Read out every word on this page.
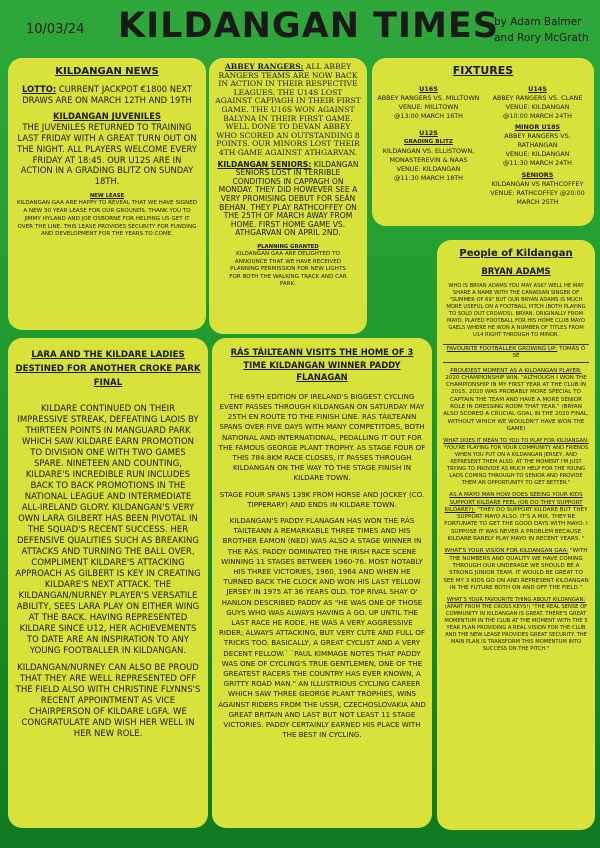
10/03/24 KILDANGAN TIMES
by Adam Balmer
and Rory McGrath
KILDANGAN NEWS
LOTTO: CURRENT JACKPOT €1800 NEXT DRAWS ARE ON MARCH 12TH AND 19TH
KILDANGAN JUVENILES
THE JUVENILES RETURNED TO TRAINING LAST FRIDAY WITH A GREAT TURN OUT ON THE NIGHT. ALL PLAYERS WELCOME EVERY FRIDAY AT 18:45. OUR U12S ARE IN ACTION IN A GRADING BLITZ ON SUNDAY 18TH.
NEW LEASE
KILDANGAN GAA ARE HAPPY TO REVEAL THAT WE HAVE SIGNED A NEW 30 YEAR LEASE FOR OUR GROUNDS. THANK YOU TO JIMMY HYLAND AND JOE OSBORNE FOR HELPING US GET IT OVER THE LINE. THIS LEASE PROVIDES SECURITY FOR FUNDING AND DEVELOPMENT FOR THE YEARS TO COME.
ABBEY RANGERS: ALL ABBEY RANGERS TEAMS ARE NOW BACK IN ACTION IN THEIR RESPECTIVE LEAGUES. THE U14S LOST AGAINST CAPPAGH IN THEIR FIRST GAME. THE U16S WON AGAINST BALYNA IN THEIR FIRST GAME. WELL DONE TO DEVAN ABBEY WHO SCORED AN OUTSTANDING 8 POINTS. OUR MINORS LOST THEIR 4TH GAME AGAINST ATHGARVAN.
KILDANGAN SENIORS: KILDANGAN SENIORS LOST IN TERRIBLE CONDITIONS IN CAPPAGH ON MONDAY. THEY DID HOWEVER SEE A VERY PROMISING DEBUT FOR SEÁN BEHAN. THEY PLAY RATHCOFFEY ON THE 25TH OF MARCH AWAY FROM HOME. FIRST HOME GAME VS. ATHGARVAN ON APRIL 2ND.
PLANNING GRANTED
KILDANGAN GAA ARE DELIGHTED TO ANNOUNCE THAT WE HAVE RECEIVED PLANNING PERMISSION FOR NEW LIGHTS FOR BOTH THE WALKING TRACK AND CAR PARK.
FIXTURES
U16S
ABBEY RANGERS VS. MILLTOWN
VENUE: MILLTOWN
@13:00 MARCH 16TH
U14S
ABBEY RANGERS VS. CLANE
VENUE: KILDANGAN
@10:00 MARCH 24TH
U12S
GRADING BLITZ
KILDANGAN VS. ELLISTOWN, MONASTEREVIN & NAAS
VENUE: KILDANGAN
@11:30 MARCH 18TH
MINOR U18S
ABBEY RANGERS VS. RATHANGAN
VENUE: KILDANGAN
@11:30 MARCH 24TH
SENIORS
KILDANGAN VS RATHCOFFEY
VENUE: RATHCOFFEY @20:00 MARCH 25TH
People of Kildangan
BRYAN ADAMS
WHO IS BRYAN ADAMS YOU MAY ASK? WELL HE MAY SHARE A NAME WITH THE CANADIAN SINGER OF "SUMMER OF 69" BUT OUR BRYAN ADAMS IS MUCH MORE USEFUL ON A FOOTBALL PITCH (BOTH PLAYING TO SOLD OUT CROWDS). BRYAN, ORIGINALLY FROM MAYO, PLAYED FOOTBALL FOR HIS HOME CLUB MAYO GAELS WHERE HE WON A NUMBER OF TITLES FROM U14 RIGHT THROUGH TO MINOR.
FAVOURITE FOOTBALLER GROWING UP: TOMÁS Ó SÉ
PROUDEST MOMENT AS A KILDANGAN PLAYER: 2020 CHAMPIONSHIP WIN. "ALTHOUGH I WON THE CHAMPIONSHIP IN MY FIRST YEAR AT THE CLUB IN 2015, 2020 WAS PROBABLY MORE SPECIAL TO CAPTAIN THE TEAM AND HAVE A MORE SENIOR ROLE IN DRESSING ROOM THAT YEAR." (BRYAN ALSO SCORED A CRUCIAL GOAL IN THE 2020 FINAL, WITHOUT WHICH WE WOULDN'T HAVE WON THE GAME)
WHAT DOES IT MEAN TO YOU TO PLAY FOR KILDANGAN: "YOU'RE PLAYING FOR YOUR COMMUNITY AND FRIENDS WHEN YOU PUT ON A KILDANGAN JERSEY, AND REPRESENT THEM ALSO. AT THE MOMENT I'M JUST TRYING TO PROVIDE AS MUCH HELP FOR THE YOUNG LADS COMING THROUGH TO SENIOR AND PROVIDE THEM AN OPPORTUNITY TO GET BETTER."
AS A MAYO MAN HOW DOES SEEING YOUR KIDS SUPPORT KILDARE FEEL (OR DO THEY SUPPORT KILDARE?): "THEY DO SUPPORT KILDARE BUT THEY SUPPORT MAYO ALSO. IT'S A MIX. THEY'RE FORTUNATE TO GET THE GOOD DAYS WITH MAYO. I SUPPOSE IT WAS NEVER A PROBLEM BECAUSE KILDARE RARELY PLAY MAYO IN RECENT YEARS. "
WHAT'S YOUR VISION FOR KILDANGAN GAA: "WITH THE NUMBERS AND QUALITY WE HAVE COMING THROUGH OUR UNDERAGE WE SHOULD BE A STRONG JUNIOR TEAM. IT WOULD BE GREAT TO SEE MY 3 KIDS GO ON AND REPRESENT KILDANGAN IN THE FUTURE BOTH ON AND OFF THE FIELD."
WHAT'S YOUR FAVOURITE THING ABOUT KILDANGAN: (APART FROM THE CROSS KEYS!) "THE REAL SENSE OF COMMUNITY IN KILDANGAN IS GREAT. THERE'S GREAT MOMENTUM IN THE CLUB AT THE MOMENT WITH THE 5 YEAR PLAN PROVIDING A REAL VISION FOR THE CLUB AND THE NEW LEASE PROVIDES GREAT SECURITY. THE MAIN PLAN IS TRANSFORM THIS MOMENTUM INTO SUCCESS ON THE PITCH."
LARA AND THE KILDARE LADIES DESTINED FOR ANOTHER CROKE PARK FINAL
KILDARE CONTINUED ON THEIR IMPRESSIVE STREAK, DEFEATING LAOIS BY THIRTEEN POINTS IN MANGUARD PARK WHICH SAW KILDARE EARN PROMOTION TO DIVISION ONE WITH TWO GAMES SPARE. NINETEEN AND COUNTING, KILDARE'S INCREDIBLE RUN INCLUDES BACK TO BACK PROMOTIONS IN THE NATIONAL LEAGUE AND INTERMEDIATE ALL-IRELAND GLORY. KILDANGAN'S VERY OWN LARA GILBERT HAS BEEN PIVOTAL IN THE SQUAD'S RECENT SUCCESS. HER DEFENSIVE QUALITIES SUCH AS BREAKING ATTACKS AND TURNING THE BALL OVER, COMPLIMENT KILDARE'S ATTACKING APPROACH AS GILBERT IS KEY IN CREATING KILDARE'S NEXT ATTACK. THE KILDANGAN/NURNEY PLAYER'S VERSATILE ABILITY, SEES LARA PLAY ON EITHER WING AT THE BACK. HAVING REPRESENTED KILDARE SINCE U12, HER ACHIEVEMENTS TO DATE ARE AN INSPIRATION TO ANY YOUNG FOOTBALLER IN KILDANGAN.
KILDANGAN/NURNEY CAN ALSO BE PROUD THAT THEY ARE WELL REPRESENTED OFF THE FIELD ALSO WITH CHRISTINE FLYNNS'S RECENT APPOINTMENT AS VICE CHAIRPERSON OF KILDARE LGFA. WE CONGRATULATE AND WISH HER WELL IN HER NEW ROLE.
RÁS TÁILTEANN VISITS THE HOME OF 3 TIME KILDANGAN WINNER PADDY FLANAGAN
THE 69TH EDITION OF IRELAND'S BIGGEST CYCLING EVENT PASSES THROUGH KILDANGAN ON SATURDAY MAY 25TH EN ROUTE TO THE FINISH LINE. RÁS TÁILTEANN SPANS OVER FIVE DAYS WITH MANY COMPETITORS, BOTH NATIONAL AND INTERNATIONAL, PEDALLING IT OUT FOR THE FAMOUS GEORGE PLANT TROPHY. AS STAGE FOUR OF THIS 784.8KM RACE CLOSES, IT PASSES THROUGH KILDANGAN ON THE WAY TO THE STAGE FINISH IN KILDARE TOWN.
STAGE FOUR SPANS 139K FROM HORSE AND JOCKEY (CO. TIPPERARY) AND ENDS IN KILDARE TOWN.
KILDANGAN'S PADDY FLANAGAN HAS WON THE RÁS TÁILTEANN A REMARKABLE THREE TIMES AND HIS BROTHER EAMON (NED) WAS ALSO A STAGE WINNER IN THE RÁS. PADDY DOMINATED THE IRISH RACE SCENE WINNING 11 STAGES BETWEEN 1960-76. MOST NOTABLY HIS THREE VICTORIES, 1960, 1964 AND WHEN HE TURNED BACK THE CLOCK AND WON HIS LAST YELLOW JERSEY IN 1975 AT 36 YEARS OLD. TOP RIVAL SHAY O' HANLON DESCRIBED PADDY AS "HE WAS ONE OF THOSE GUYS WHO WAS ALWAYS HAVING A GO. UP UNTIL THE LAST RACE HE RODE, HE WAS A VERY AGGRESSIVE RIDER; ALWAYS ATTACKING, BUT VERY CUTE AND FULL OF TRICKS TOO. BASICALLY, A GREAT CYCLIST AND A VERY DECENT FELLOW.` `PAUL KIMMAGE NOTES THAT PADDY WAS ONE OF CYCLING'S TRUE GENTLEMEN, ONE OF THE GREATEST RACERS THE COUNTRY HAS EVER KNOWN, A GRITTY ROAD MAN." AN ILLUSTRIOUS CYCLING CAREER WHICH SAW THREE GEORGE PLANT TROPHIES, WINS AGAINST RIDERS FROM THE USSR, CZECHOSLOVAKIA AND GREAT BRITAIN AND LAST BUT NOT LEAST 11 STAGE VICTORIES. PADDY CERTAINLY EARNED HIS PLACE WITH THE BEST IN CYCLING.
